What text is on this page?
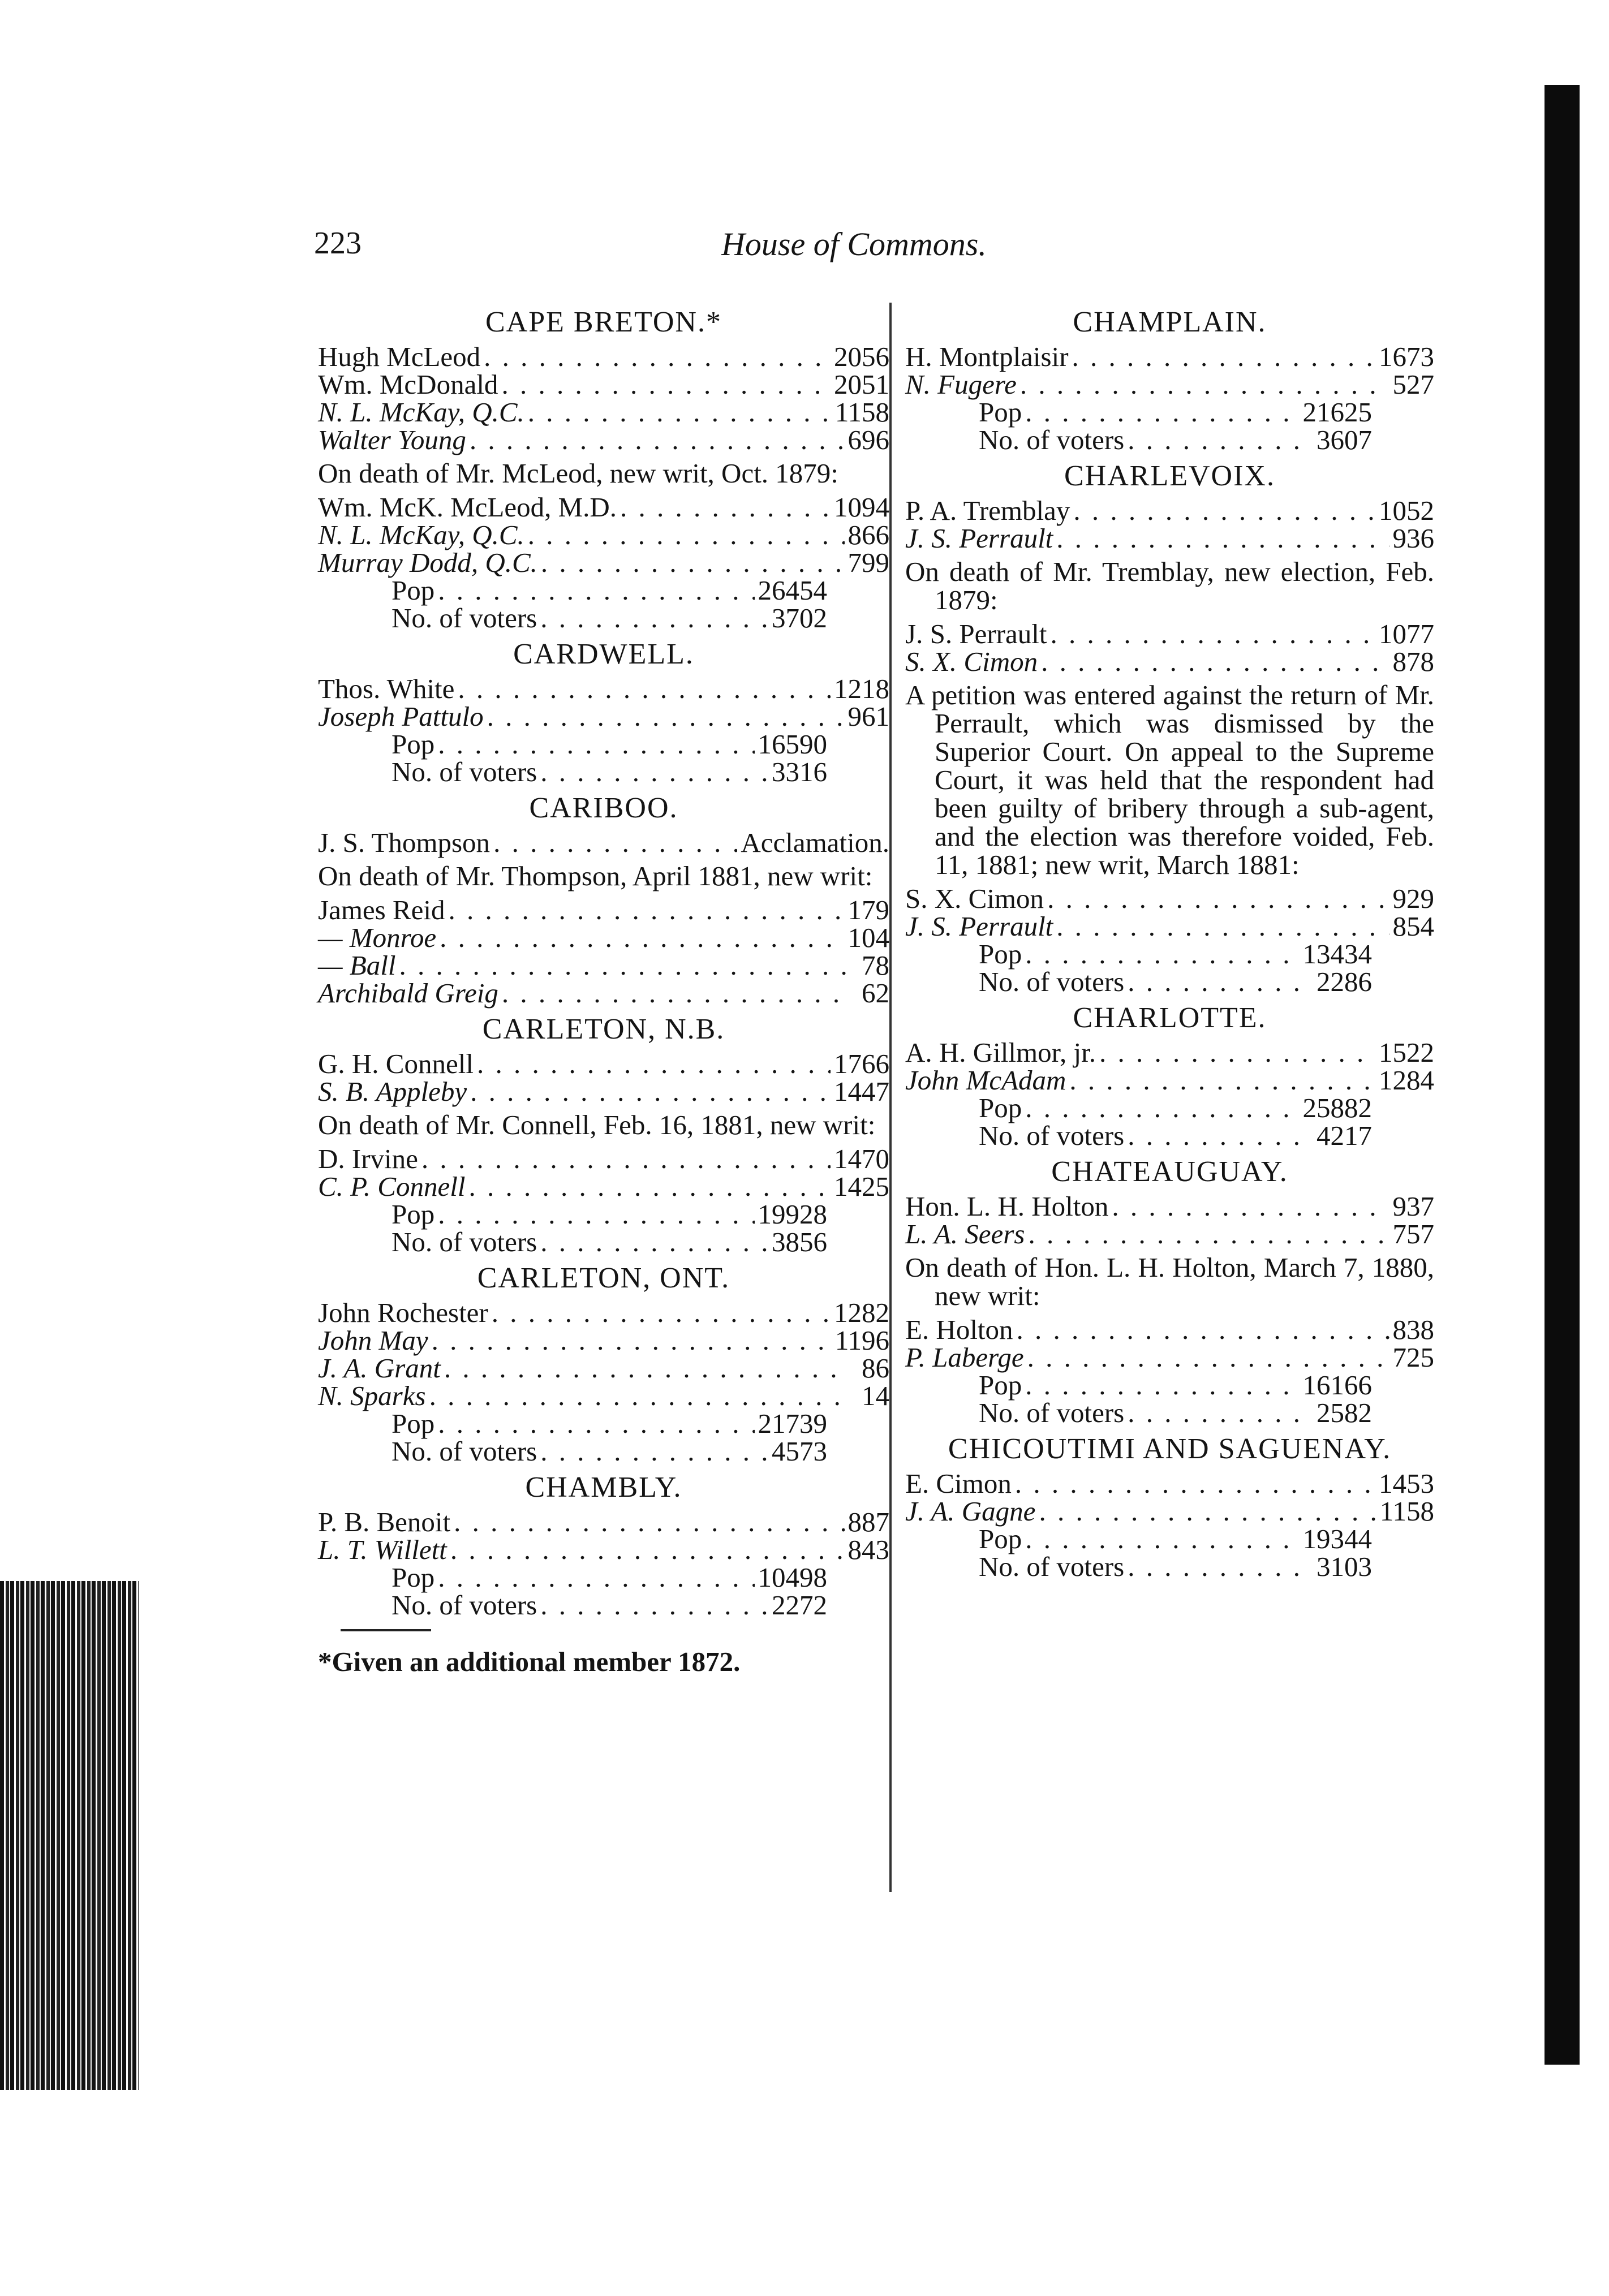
223	House of Commons.
CAPE BRETON.*
Hugh McLeod . . .	2056
Wm. McDonald . . .	2051
N. L. McKay, Q.C. . . .	1158
Walter Young . . .	696
On death of Mr. McLeod, new writ, Oct. 1879:
Wm. McK. McLeod, M.D. . . .	1094
N. L. McKay, Q.C. . . .	866
Murray Dodd, Q.C. . . .	799
Pop . . .	26454
No. of voters . . .	3702
CARDWELL.
Thos. White . . .	1218
Joseph Pattulo . . .	961
Pop . . .	16590
No. of voters . . .	3316
CARIBOO.
J. S. Thompson . . .	Acclamation.
On death of Mr. Thompson, April 1881, new writ:
James Reid . . .	179
— Monroe . . .	104
— Ball . . .	78
Archibald Greig . . .	62
CARLETON, N.B.
G. H. Connell . . .	1766
S. B. Appleby . . .	1447
On death of Mr. Connell, Feb. 16, 1881, new writ:
D. Irvine . . .	1470
C. P. Connell . . .	1425
Pop . . .	19928
No. of voters . . .	3856
CARLETON, ONT.
John Rochester . . .	1282
John May . . .	1196
J. A. Grant . . .	86
N. Sparks . . .	14
Pop . . .	21739
No. of voters . . .	4573
CHAMBLY.
P. B. Benoit . . .	887
L. T. Willett . . .	843
Pop . . .	10498
No. of voters . . .	2272
*Given an additional member 1872.
CHAMPLAIN.
H. Montplaisir . . .	1673
N. Fugere . . .	527
Pop . . .	21625
No. of voters . . .	3607
CHARLEVOIX.
P. A. Tremblay . . .	1052
J. S. Perrault . . .	936
On death of Mr. Tremblay, new election, Feb. 1879:
J. S. Perrault . . .	1077
S. X. Cimon . . .	878
A petition was entered against the return of Mr. Perrault, which was dismissed by the Superior Court. On appeal to the Supreme Court, it was held that the respondent had been guilty of bribery through a sub-agent, and the election was therefore voided, Feb. 11, 1881; new writ, March 1881:
S. X. Cimon . . .	929
J. S. Perrault . . .	854
Pop . . .	13434
No. of voters . . .	2286
CHARLOTTE.
A. H. Gillmor, jr. . . .	1522
John McAdam . . .	1284
Pop . . .	25882
No. of voters . . .	4217
CHATEAUGUAY.
Hon. L. H. Holton . . .	937
L. A. Seers . . .	757
On death of Hon. L. H. Holton, March 7, 1880, new writ:
E. Holton . . .	838
P. Laberge . . .	725
Pop . . .	16166
No. of voters . . .	2582
CHICOUTIMI AND SAGUENAY.
E. Cimon . . .	1453
J. A. Gagne . . .	1158
Pop . . .	19344
No. of voters . . .	3103
